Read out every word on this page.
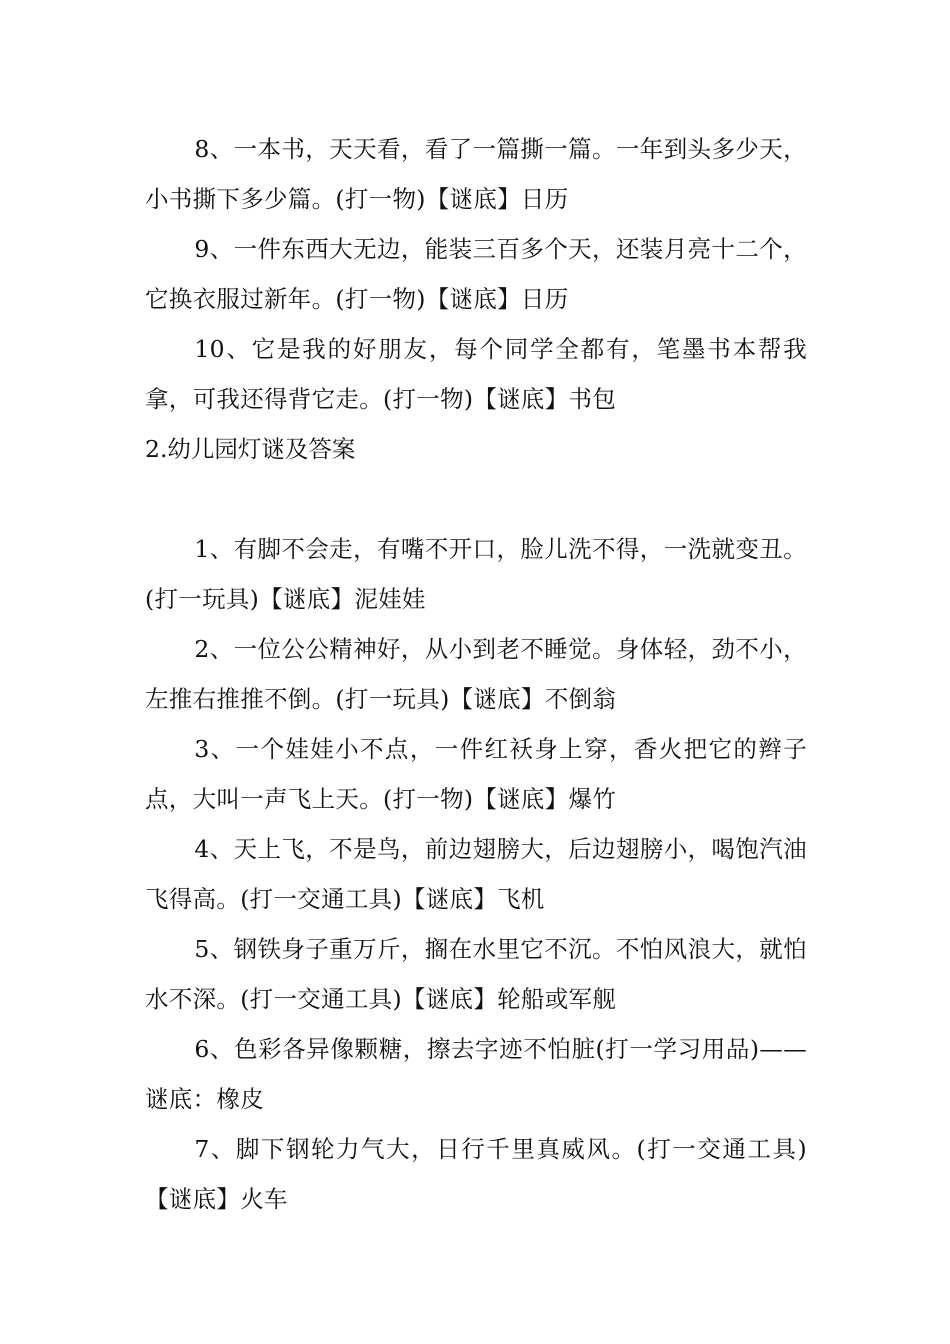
8、一本书，天天看，看了一篇撕一篇。一年到头多少天，小书撕下多少篇。(打一物)【谜底】日历

9、一件东西大无边，能装三百多个天，还装月亮十二个，它换衣服过新年。(打一物)【谜底】日历

10、它是我的好朋友，每个同学全都有，笔墨书本帮我拿，可我还得背它走。(打一物)【谜底】书包

2.幼儿园灯谜及答案

1、有脚不会走，有嘴不开口，脸儿洗不得，一洗就变丑。(打一玩具)【谜底】泥娃娃

2、一位公公精神好，从小到老不睡觉。身体轻，劲不小，左推右推推不倒。(打一玩具)【谜底】不倒翁

3、一个娃娃小不点，一件红袄身上穿，香火把它的辫子点，大叫一声飞上天。(打一物)【谜底】爆竹

4、天上飞，不是鸟，前边翅膀大，后边翅膀小，喝饱汽油飞得高。(打一交通工具)【谜底】飞机

5、钢铁身子重万斤，搁在水里它不沉。不怕风浪大，就怕水不深。(打一交通工具)【谜底】轮船或军舰

6、色彩各异像颗糖，擦去字迹不怕脏(打一学习用品)——谜底：橡皮

7、脚下钢轮力气大，日行千里真威风。(打一交通工具)【谜底】火车
